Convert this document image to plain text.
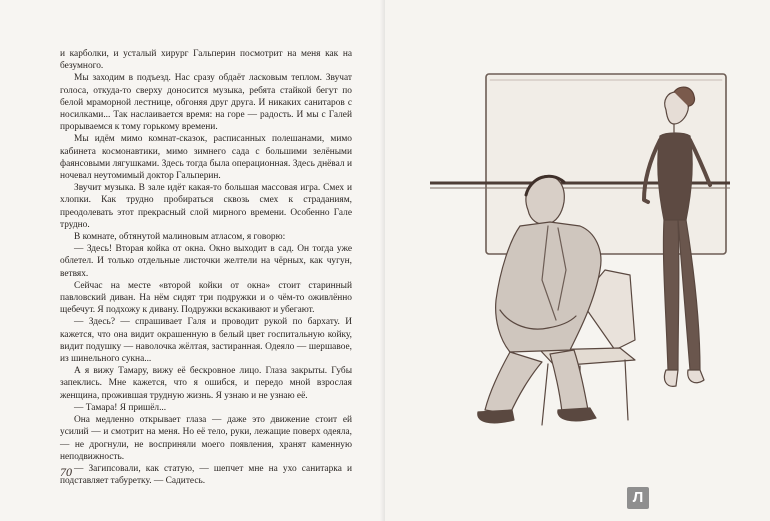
и карболки, и усталый хирург Гальперин посмотрит на меня как на безумного.

Мы заходим в подъезд. Нас сразу обдаёт ласковым теплом. Звучат голоса, откуда-то сверху доносится музыка, ребята стайкой бегут по белой мраморной лестнице, обгоняя друг друга. И никаких санитаров с носилками... Так наслаивается время: на горе — радость. И мы с Галей прорываемся к тому горькому времени.

Мы идём мимо комнат-сказок, расписанных полешанами, мимо кабинета космонавтики, мимо зимнего сада с большими зелёными фаянсовыми лягушками. Здесь тогда была операционная. Здесь днёвал и ночевал неутомимый доктор Гальперин.

Звучит музыка. В зале идёт какая-то большая массовая игра. Смех и хлопки. Как трудно пробираться сквозь смех к страданиям, преодолевать этот прекрасный слой мирного времени. Особенно Гале трудно.

В комнате, обтянутой малиновым атласом, я говорю:

— Здесь! Вторая койка от окна. Окно выходит в сад. Он тогда уже облетел. И только отдельные листочки желтели на чёрных, как чугун, ветвях.

Сейчас на месте «второй койки от окна» стоит старинный павловский диван. На нём сидят три подружки и о чём-то оживлённо щебечут. Я подхожу к дивану. Подружки вскакивают и убегают.

— Здесь? — спрашивает Галя и проводит рукой по бархату. И кажется, что она видит окрашенную в белый цвет госпитальную койку, видит подушку — наволочка жёлтая, застиранная. Одеяло — шершавое, из шинельного сукна...

А я вижу Тамару, вижу её бескровное лицо. Глаза закрыты. Губы запеклись. Мне кажется, что я ошибся, и передо мной взрослая женщина, прожившая трудную жизнь. Я узнаю и не узнаю её.

— Тамара! Я пришёл...

Она медленно открывает глаза — даже это движение стоит ей усилий — и смотрит на меня. Но её тело, руки, лежащие поверх одеяла, — не дрогнули, не восприняли моего появления, хранят каменную неподвижность.

— Загипсовали, как статую, — шепчет мне на ухо санитарка и подставляет табуретку. — Садитесь.

70
Л
